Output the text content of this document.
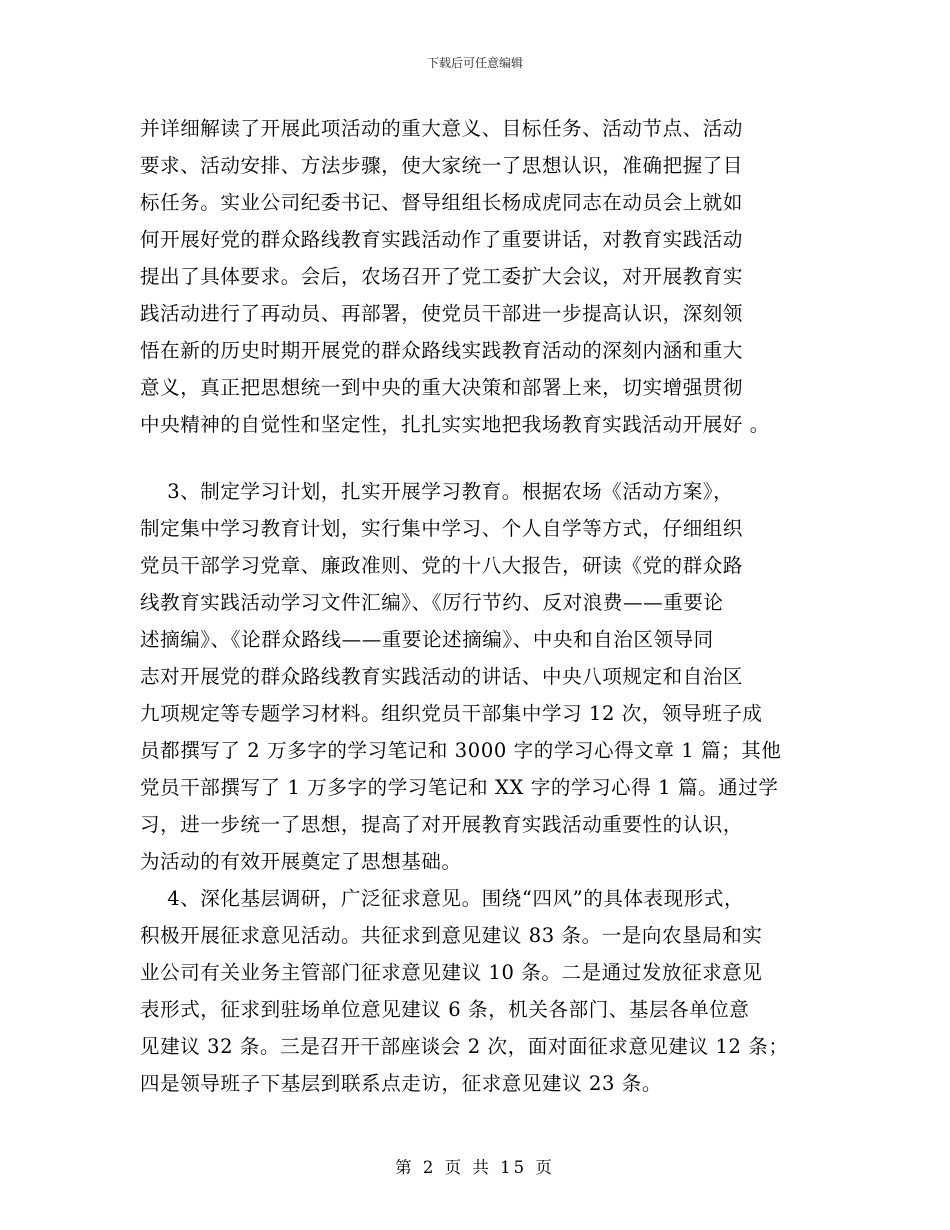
下载后可任意编辑
并详细解读了开展此项活动的重大意义、目标任务、活动节点、活动
要求、活动安排、方法步骤，使大家统一了思想认识，准确把握了目
标任务。实业公司纪委书记、督导组组长杨成虎同志在动员会上就如
何开展好党的群众路线教育实践活动作了重要讲话，对教育实践活动
提出了具体要求。会后，农场召开了党工委扩大会议，对开展教育实
践活动进行了再动员、再部署，使党员干部进一步提高认识，深刻领
悟在新的历史时期开展党的群众路线实践教育活动的深刻内涵和重大
意义，真正把思想统一到中央的重大决策和部署上来，切实增强贯彻
中央精神的自觉性和坚定性，扎扎实实地把我场教育实践活动开展好 。
3、制定学习计划，扎实开展学习教育。根据农场《活动方案》，
制定集中学习教育计划，实行集中学习、个人自学等方式，仔细组织
党员干部学习党章、廉政准则、党的十八大报告，研读《党的群众路
线教育实践活动学习文件汇编》、《厉行节约、反对浪费——重要论
述摘编》、《论群众路线——重要论述摘编》、中央和自治区领导同
志对开展党的群众路线教育实践活动的讲话、中央八项规定和自治区
九项规定等专题学习材料。组织党员干部集中学习 12 次，领导班子成
员都撰写了 2 万多字的学习笔记和 3000 字的学习心得文章 1 篇；其他
党员干部撰写了 1 万多字的学习笔记和 XX 字的学习心得 1 篇。通过学
习，进一步统一了思想，提高了对开展教育实践活动重要性的认识，
为活动的有效开展奠定了思想基础。
4、深化基层调研，广泛征求意见。围绕“四风”的具体表现形式，
积极开展征求意见活动。共征求到意见建议 83 条。一是向农垦局和实
业公司有关业务主管部门征求意见建议 10 条。二是通过发放征求意见
表形式，征求到驻场单位意见建议 6 条，机关各部门、基层各单位意
见建议 32 条。三是召开干部座谈会 2 次，面对面征求意见建议 12 条；
四是领导班子下基层到联系点走访，征求意见建议 23 条。
第 2 页 共 15 页
